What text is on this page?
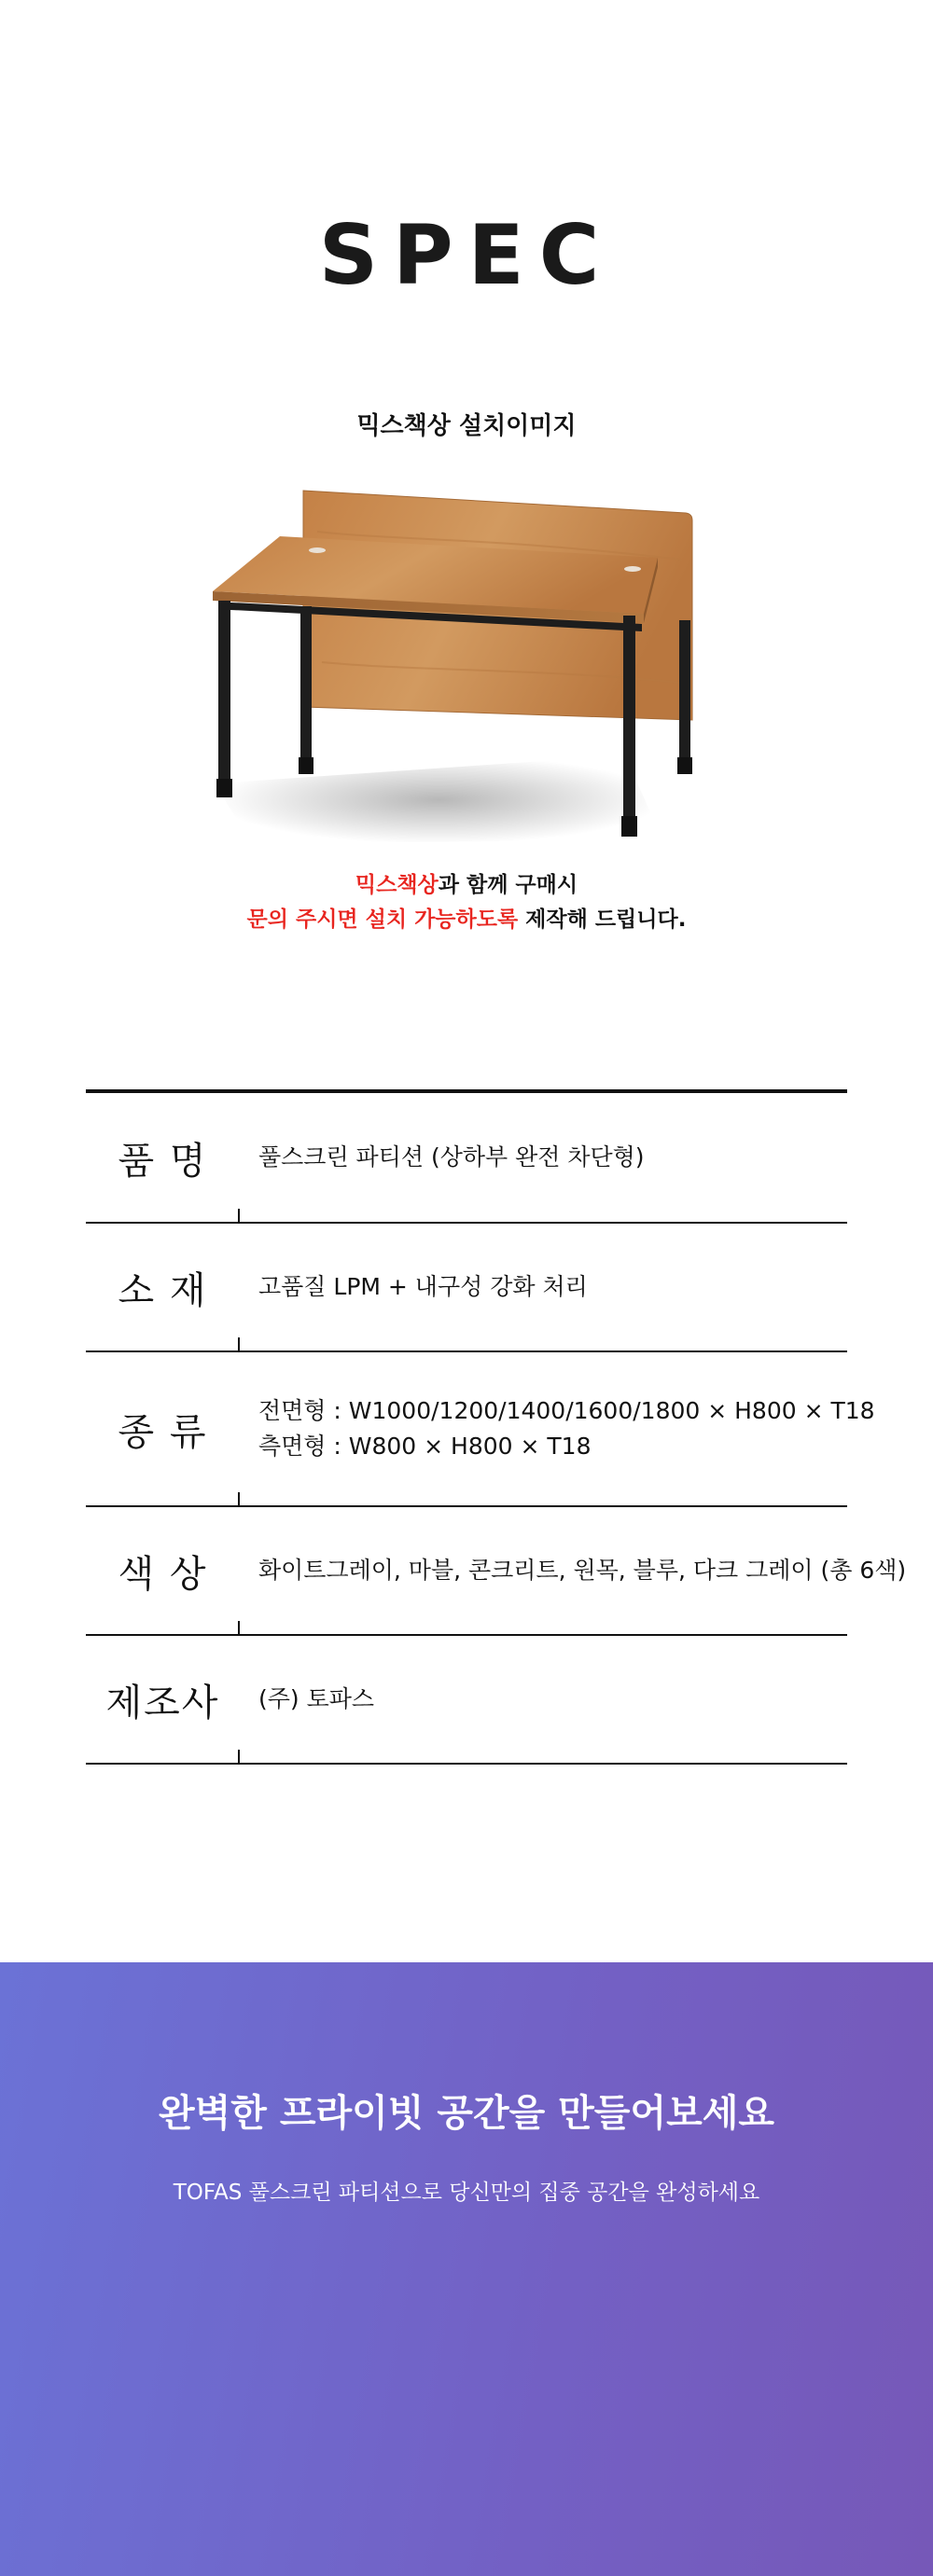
SPEC
믹스책상 설치이미지
믹스책상과 함께 구매시
문의 주시면 설치 가능하도록 제작해 드립니다.
품 명	풀스크린 파티션 (상하부 완전 차단형)
소 재	고품질 LPM + 내구성 강화 처리
종 류	전면형 : W1000/1200/1400/1600/1800 × H800 × T18
측면형 : W800 × H800 × T18
색 상	화이트그레이, 마블, 콘크리트, 원목, 블루, 다크 그레이 (총 6색)
제조사	(주) 토파스
완벽한 프라이빗 공간을 만들어보세요
TOFAS 풀스크린 파티션으로 당신만의 집중 공간을 완성하세요
